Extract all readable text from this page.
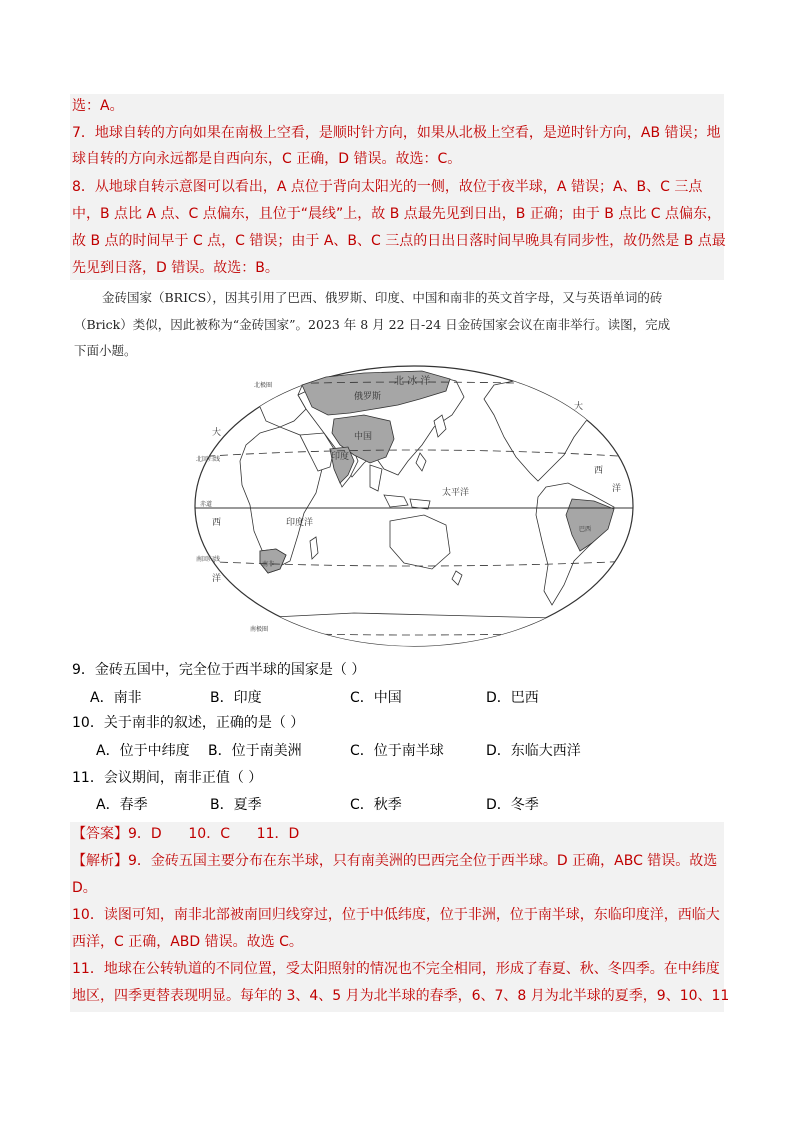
选：A。
7．地球自转的方向如果在南极上空看，是顺时针方向，如果从北极上空看，是逆时针方向，AB 错误；地
球自转的方向永远都是自西向东，C 正确，D 错误。故选：C。
8．从地球自转示意图可以看出，A 点位于背向太阳光的一侧，故位于夜半球，A 错误；A、B、C 三点
中，B 点比 A 点、C 点偏东，且位于“晨线”上，故 B 点最先见到日出，B 正确；由于 B 点比 C 点偏东，
故 B 点的时间早于 C 点，C 错误；由于 A、B、C 三点的日出日落时间早晚具有同步性，故仍然是 B 点最
先见到日落，D 错误。故选：B。
金砖国家（BRICS），因其引用了巴西、俄罗斯、印度、中国和南非的英文首字母，又与英语单词的砖
（Brick）类似，因此被称为“金砖国家”。2023 年 8 月 22 日-24 日金砖国家会议在南非举行。读图，完成
下面小题。
北极圈	北 冰 洋
俄罗斯
中国
印度
北回归线
赤道
太平洋
印度洋
巴西
南非
南回归线
南极圈
大
西
洋
大
西
洋
9．金砖五国中，完全位于西半球的国家是（ ）
A．南非	B．印度	C．中国	D．巴西
10．关于南非的叙述，正确的是（ ）
A．位于中纬度 B．位于南美洲	C．位于南半球	D．东临大西洋
11．会议期间，南非正值（ ）
A．春季	B．夏季	C．秋季	D．冬季
【答案】9．D      10．C      11．D
【解析】9．金砖五国主要分布在东半球，只有南美洲的巴西完全位于西半球。D 正确，ABC 错误。故选
D。
10．读图可知，南非北部被南回归线穿过，位于中低纬度，位于非洲，位于南半球，东临印度洋，西临大
西洋，C 正确，ABD 错误。故选 C。
11．地球在公转轨道的不同位置，受太阳照射的情况也不完全相同，形成了春夏、秋、冬四季。在中纬度
地区，四季更替表现明显。每年的 3、4、5 月为北半球的春季，6、7、8 月为北半球的夏季，9、10、11
